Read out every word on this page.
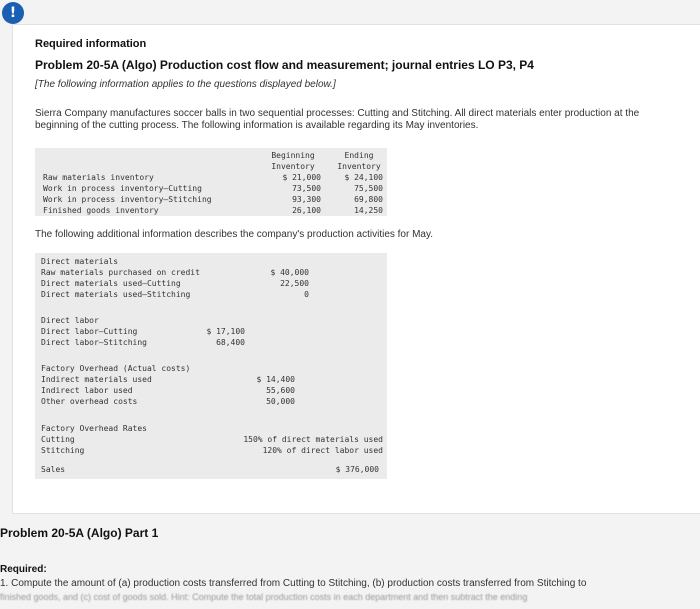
!
Required information
Problem 20-5A (Algo) Production cost flow and measurement; journal entries LO P3, P4
[The following information applies to the questions displayed below.]
Sierra Company manufactures soccer balls in two sequential processes: Cutting and Stitching. All direct materials enter production at the beginning of the cutting process. The following information is available regarding its May inventories.
Beginning
Inventory
Ending
Inventory
Raw materials inventory	$ 21,000	$ 24,100
Work in process inventory—Cutting	73,500	75,500
Work in process inventory—Stitching	93,300	69,800
Finished goods inventory	26,100	14,250
The following additional information describes the company's production activities for May.
Direct materials
Raw materials purchased on credit	$ 40,000
Direct materials used—Cutting	22,500
Direct materials used—Stitching	0
Direct labor
Direct labor—Cutting	$ 17,100
Direct labor—Stitching	68,400
Factory Overhead (Actual costs)
Indirect materials used	$ 14,400
Indirect labor used	55,600
Other overhead costs	50,000
Factory Overhead Rates
Cutting	150% of direct materials used
Stitching	120% of direct labor used
Sales	$ 376,000
Problem 20-5A (Algo) Part 1
Required:
1. Compute the amount of (a) production costs transferred from Cutting to Stitching, (b) production costs transferred from Stitching to
finished goods, and (c) cost of goods sold. Hint: Compute the total production costs in each department and then subtract the ending
